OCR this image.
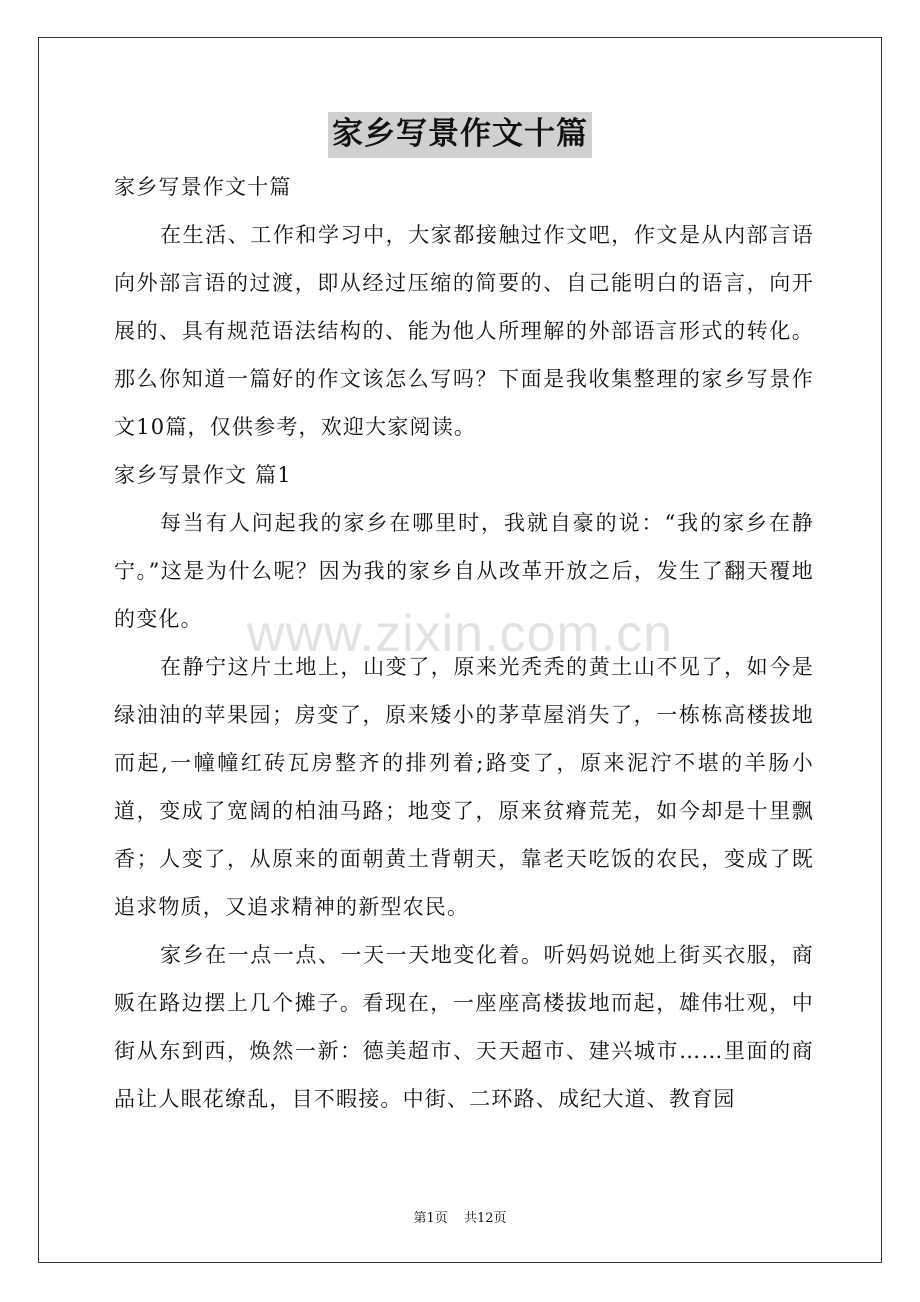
家乡写景作文十篇

家乡写景作文十篇

在生活、工作和学习中，大家都接触过作文吧，作文是从内部言语向外部言语的过渡，即从经过压缩的简要的、自己能明白的语言，向开展的、具有规范语法结构的、能为他人所理解的外部语言形式的转化。那么你知道一篇好的作文该怎么写吗？下面是我收集整理的家乡写景作文10篇，仅供参考，欢迎大家阅读。

家乡写景作文 篇1

每当有人问起我的家乡在哪里时，我就自豪的说：“我的家乡在静宁。”这是为什么呢？因为我的家乡自从改革开放之后，发生了翻天覆地的变化。

在静宁这片土地上，山变了，原来光秃秃的黄土山不见了，如今是绿油油的苹果园；房变了，原来矮小的茅草屋消失了，一栋栋高楼拔地而起,一幢幢红砖瓦房整齐的排列着;路变了，原来泥泞不堪的羊肠小道，变成了宽阔的柏油马路；地变了，原来贫瘠荒芜，如今却是十里飘香；人变了，从原来的面朝黄土背朝天，靠老天吃饭的农民，变成了既追求物质，又追求精神的新型农民。

家乡在一点一点、一天一天地变化着。听妈妈说她上街买衣服，商贩在路边摆上几个摊子。看现在，一座座高楼拔地而起，雄伟壮观，中街从东到西，焕然一新：德美超市、天天超市、建兴城市……里面的商品让人眼花缭乱，目不暇接。中街、二环路、成纪大道、教育园

www.zixin.com.cn
第1页 共12页
